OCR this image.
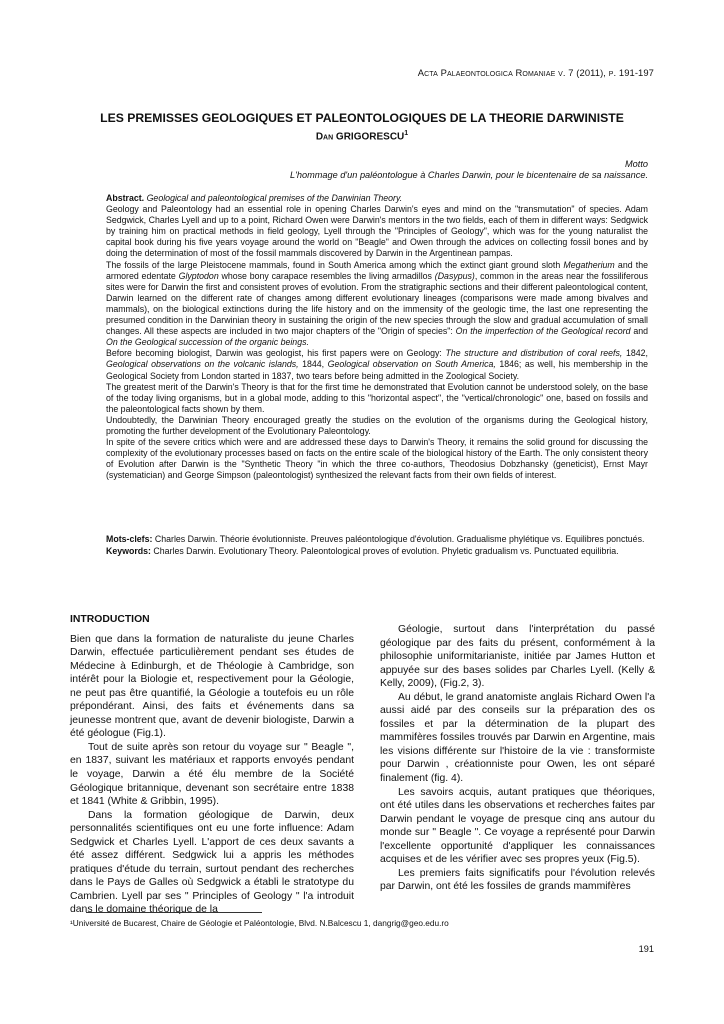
Acta Palaeontologica Romaniae v. 7 (2011), p. 191-197
LES PREMISSES GEOLOGIQUES ET PALEONTOLOGIQUES DE LA THEORIE DARWINISTE
Dan GRIGORESCU$^1$
Motto
L'hommage d'un paléontologue à Charles Darwin, pour le bicentenaire de sa naissance.

Abstract. Geological and paleontological premises of the Darwinian Theory.
Geology and Paleontology had an essential role in opening Charles Darwin's eyes and mind on the "transmutation" of species. Adam Sedgwick, Charles Lyell and up to a point, Richard Owen were Darwin's mentors in the two fields, each of them in different ways: Sedgwick by training him on practical methods in field geology, Lyell through the "Principles of Geology", which was for the young naturalist the capital book during his five years voyage around the world on "Beagle" and Owen through the advices on collecting fossil bones and by doing the determination of most of the fossil mammals discovered by Darwin in the Argentinean pampas.

The fossils of the large Pleistocene mammals, found in South America among which the extinct giant ground sloth Megatherium and the armored edentate Glyptodon whose bony carapace resembles the living armadillos (Dasypus), common in the areas near the fossiliferous sites were for Darwin the first and consistent proves of evolution. From the stratigraphic sections and their different paleontological content, Darwin learned on the different rate of changes among different evolutionary lineages (comparisons were made among bivalves and mammals), on the biological extinctions during the life history and on the immensity of the geologic time, the last one representing the presumed condition in the Darwinian theory in sustaining the origin of the new species through the slow and gradual accumulation of small changes. All these aspects are included in two major chapters of the "Origin of species": On the imperfection of the Geological record and On the Geological succession of the organic beings.

Before becoming biologist, Darwin was geologist, his first papers were on Geology: The structure and distribution of coral reefs, 1842, Geological observations on the volcanic islands, 1844, Geological observation on South America, 1846; as well, his membership in the Geological Society from London started in 1837, two tears before being admitted in the Zoological Society.

The greatest merit of the Darwin's Theory is that for the first time he demonstrated that Evolution cannot be understood solely, on the base of the today living organisms, but in a global mode, adding to this "horizontal aspect", the "vertical/chronologic" one, based on fossils and the paleontological facts shown by them.

Undoubtedly, the Darwinian Theory encouraged greatly the studies on the evolution of the organisms during the Geological history, promoting the further development of the Evolutionary Paleontology.

In spite of the severe critics which were and are addressed these days to Darwin's Theory, it remains the solid ground for discussing the complexity of the evolutionary processes based on facts on the entire scale of the biological history of the Earth. The only consistent theory of Evolution after Darwin is the "Synthetic Theory "in which the three co-authors, Theodosius Dobzhansky (geneticist), Ernst Mayr (systematician) and George Simpson (paleontologist) synthesized the relevant facts from their own fields of interest.

Mots-clefs: Charles Darwin. Théorie évolutionniste. Preuves paléontologique d'évolution. Gradualisme phylétique vs. Equilibres ponctués.

Keywords: Charles Darwin. Evolutionary Theory. Paleontological proves of evolution. Phyletic gradualism vs. Punctuated equilibria.

INTRODUCTION

Bien que dans la formation de naturaliste du jeune Charles Darwin, effectuée particulièrement pendant ses études de Médecine à Edinburgh, et de Théologie à Cambridge, son intérêt pour la Biologie et, respectivement pour la Géologie, ne peut pas être quantifié, la Géologie a toutefois eu un rôle prépondérant. Ainsi, des faits et événements dans sa jeunesse montrent que, avant de devenir biologiste, Darwin a été géologue (Fig.1).

Tout de suite après son retour du voyage sur " Beagle ", en 1837, suivant les matériaux et rapports envoyés pendant le voyage, Darwin a été élu membre de la Société Géologique britannique, devenant son secrétaire entre 1838 et 1841 (White & Gribbin, 1995).

Dans la formation géologique de Darwin, deux personnalités scientifiques ont eu une forte influence: Adam Sedgwick et Charles Lyell. L'apport de ces deux savants a été assez différent. Sedgwick lui a appris les méthodes pratiques d'étude du terrain, surtout pendant des recherches dans le Pays de Galles où Sedgwick a établi le stratotype du Cambrien. Lyell par ses " Principles of Geology " l'a introduit dans le domaine théorique de la

Géologie, surtout dans l'interprétation du passé géologique par des faits du présent, conformément à la philosophie uniformitarianiste, initiée par James Hutton et appuyée sur des bases solides par Charles Lyell. (Kelly & Kelly, 2009), (Fig.2, 3).

Au début, le grand anatomiste anglais Richard Owen l'a aussi aidé par des conseils sur la préparation des os fossiles et par la détermination de la plupart des mammifères fossiles trouvés par Darwin en Argentine, mais les visions différente sur l'histoire de la vie : transformiste pour Darwin , créationniste pour Owen, les ont séparé finalement (fig. 4).

Les savoirs acquis, autant pratiques que théoriques, ont été utiles dans les observations et recherches faites par Darwin pendant le voyage de presque cinq ans autour du monde sur " Beagle ". Ce voyage a représenté pour Darwin l'excellente opportunité d'appliquer les connaissances acquises et de les vérifier avec ses propres yeux (Fig.5).

Les premiers faits significatifs pour l'évolution relevés par Darwin, ont été les fossiles de grands mammifères

¹Université de Bucarest, Chaire de Géologie et Paléontologie, Blvd. N.Balcescu 1, dangrig@geo.edu.ro
191
